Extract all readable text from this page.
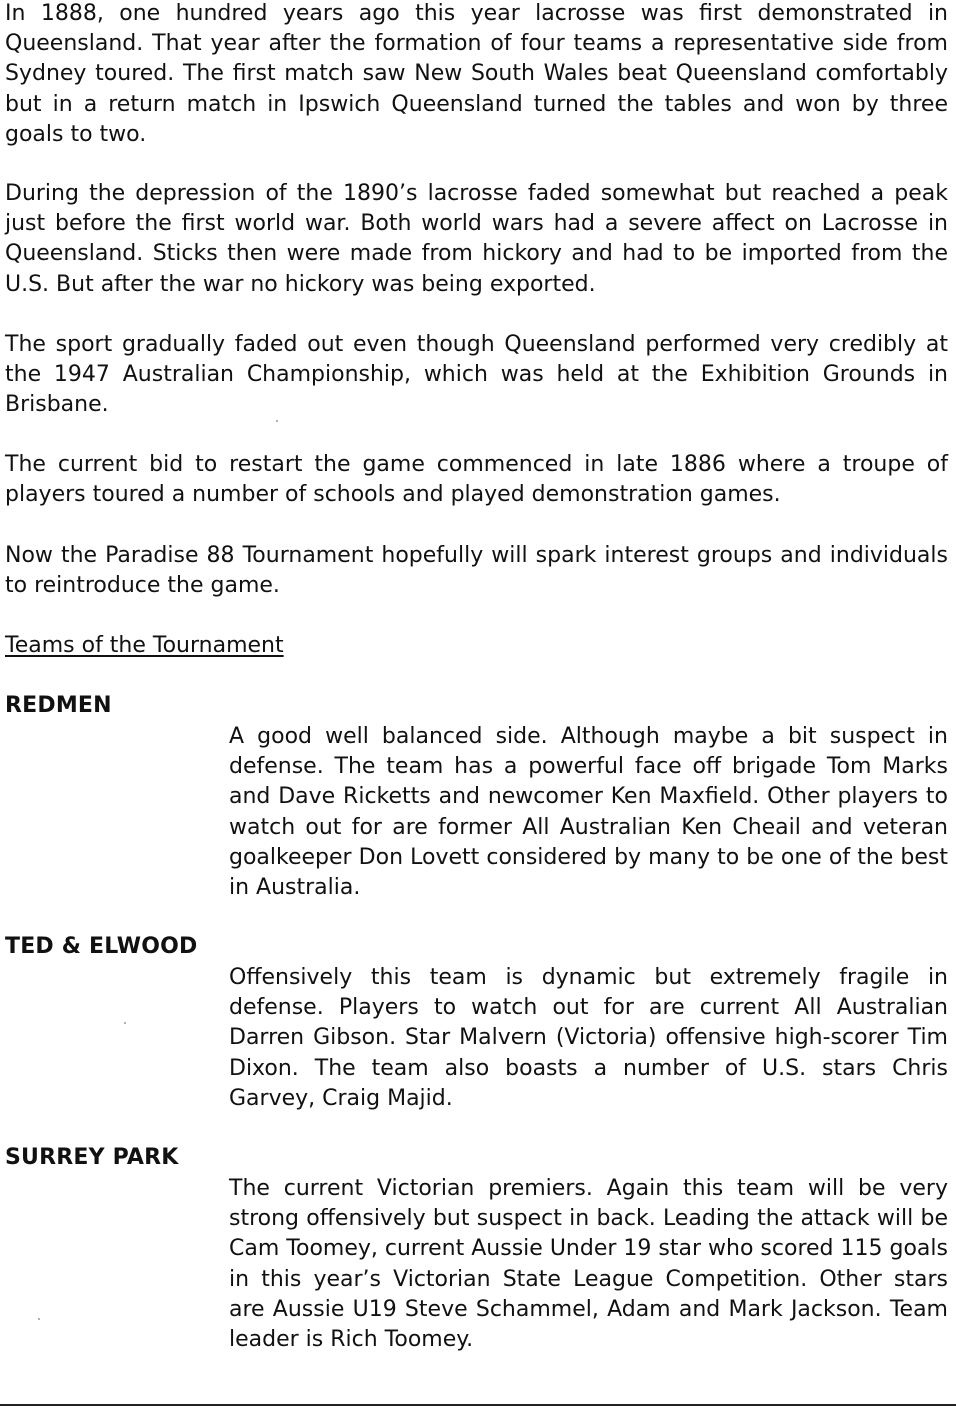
In 1888, one hundred years ago this year lacrosse was first demonstrated in Queensland. That year after the formation of four teams a representative side from Sydney toured. The first match saw New South Wales beat Queensland comfortably but in a return match in Ipswich Queensland turned the tables and won by three goals to two.

During the depression of the 1890’s lacrosse faded somewhat but reached a peak just before the first world war. Both world wars had a severe affect on Lacrosse in Queensland. Sticks then were made from hickory and had to be imported from the U.S. But after the war no hickory was being exported.

The sport gradually faded out even though Queensland performed very credibly at the 1947 Australian Championship, which was held at the Exhibition Grounds in Brisbane.

The current bid to restart the game commenced in late 1886 where a troupe of players toured a number of schools and played demonstration games.

Now the Paradise 88 Tournament hopefully will spark interest groups and individuals to reintroduce the game.

Teams of the Tournament

REDMEN

A good well balanced side. Although maybe a bit suspect in defense. The team has a powerful face off brigade Tom Marks and Dave Ricketts and newcomer Ken Maxfield. Other players to watch out for are former All Australian Ken Cheail and veteran goalkeeper Don Lovett considered by many to be one of the best in Australia.

TED & ELWOOD

Offensively this team is dynamic but extremely fragile in defense. Players to watch out for are current All Australian Darren Gibson. Star Malvern (Victoria) offensive high-scorer Tim Dixon. The team also boasts a number of U.S. stars Chris Garvey, Craig Majid.

SURREY PARK

The current Victorian premiers. Again this team will be very strong offensively but suspect in back. Leading the attack will be Cam Toomey, current Aussie Under 19 star who scored 115 goals in this year’s Victorian State League Competition. Other stars are Aussie U19 Steve Schammel, Adam and Mark Jackson. Team leader is Rich Toomey.
